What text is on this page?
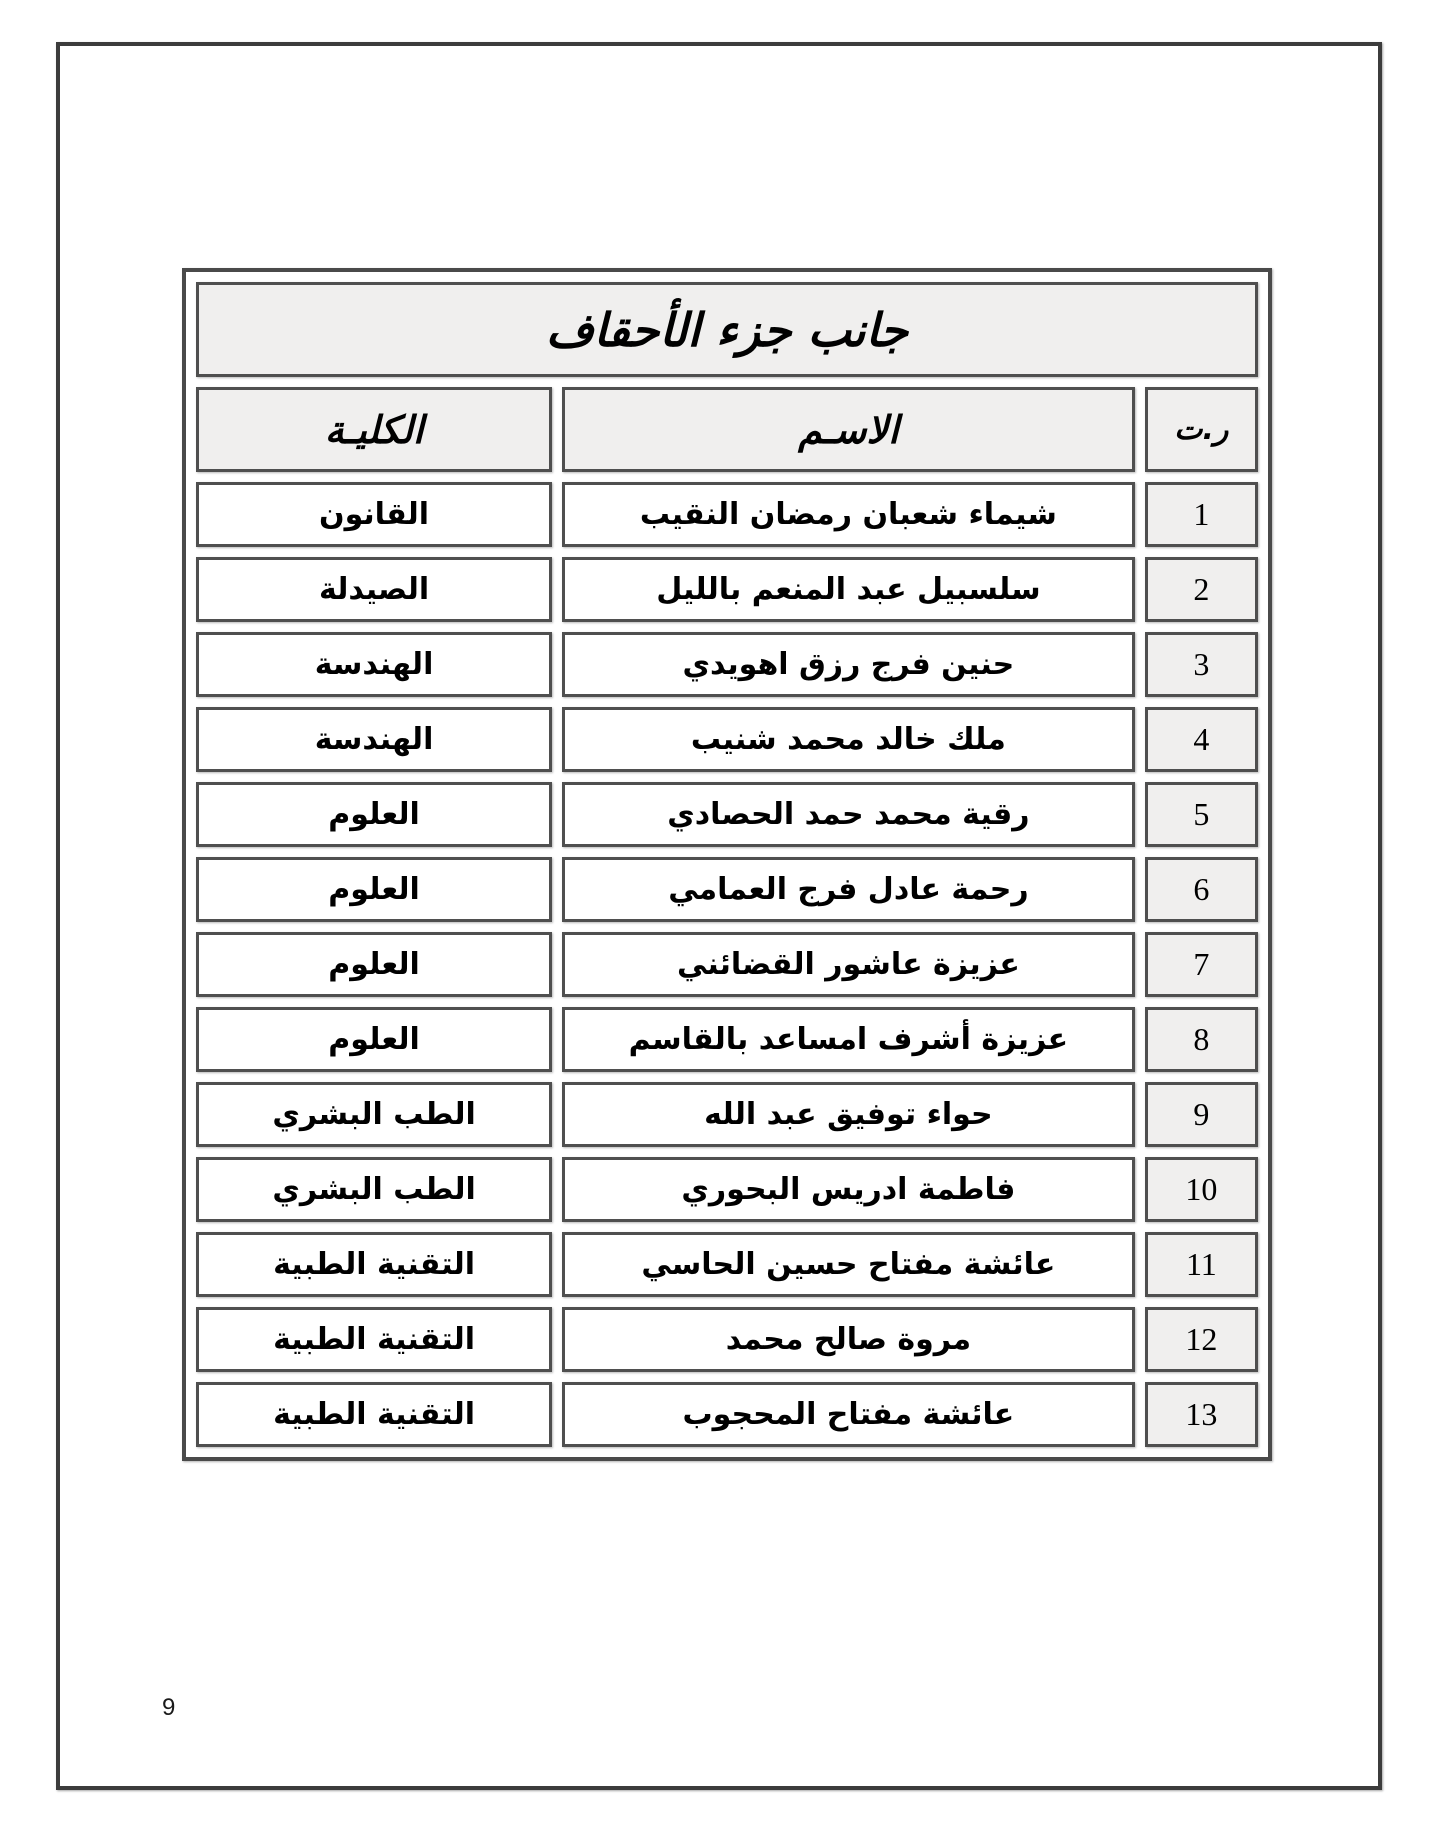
جانب جزء الأحقاف		
ر.ت	الاسـم	الكليـة
1	شيماء شعبان رمضان النقيب	القانون
2	سلسبيل عبد المنعم بالليل	الصيدلة
3	حنين فرج رزق اهويدي	الهندسة
4	ملك خالد محمد شنيب	الهندسة
5	رقية محمد حمد الحصادي	العلوم
6	رحمة عادل فرج العمامي	العلوم
7	عزيزة عاشور القضائني	العلوم
8	عزيزة أشرف امساعد بالقاسم	العلوم
9	حواء توفيق عبد الله	الطب البشري
10	فاطمة ادريس البحوري	الطب البشري
11	عائشة مفتاح حسين الحاسي	التقنية الطبية
12	مروة صالح محمد	التقنية الطبية
13	عائشة مفتاح المحجوب	التقنية الطبية
9
